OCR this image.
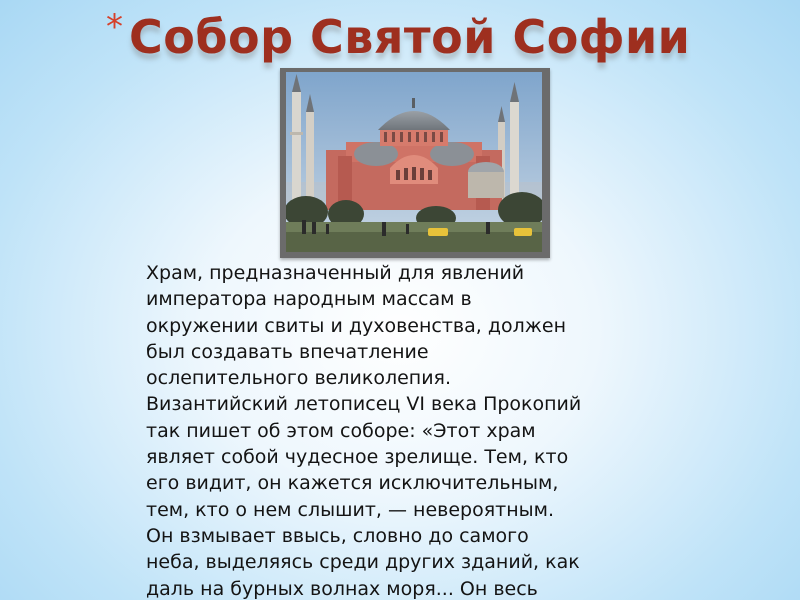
* Собор Святой Софии
Храм, предназначенный для явлений
императора народным массам в
окружении свиты и духовенства, должен
был создавать впечатление
ослепительного великолепия.
Византийский летописец VI века Прокопий
так пишет об этом соборе: «Этот храм
являет собой чудесное зрелище. Тем, кто
его видит, он кажется исключительным,
тем, кто о нем слышит, — невероятным.
Он взмывает ввысь, словно до самого
неба, выделяясь среди других зданий, как
даль на бурных волнах моря... Он весь
